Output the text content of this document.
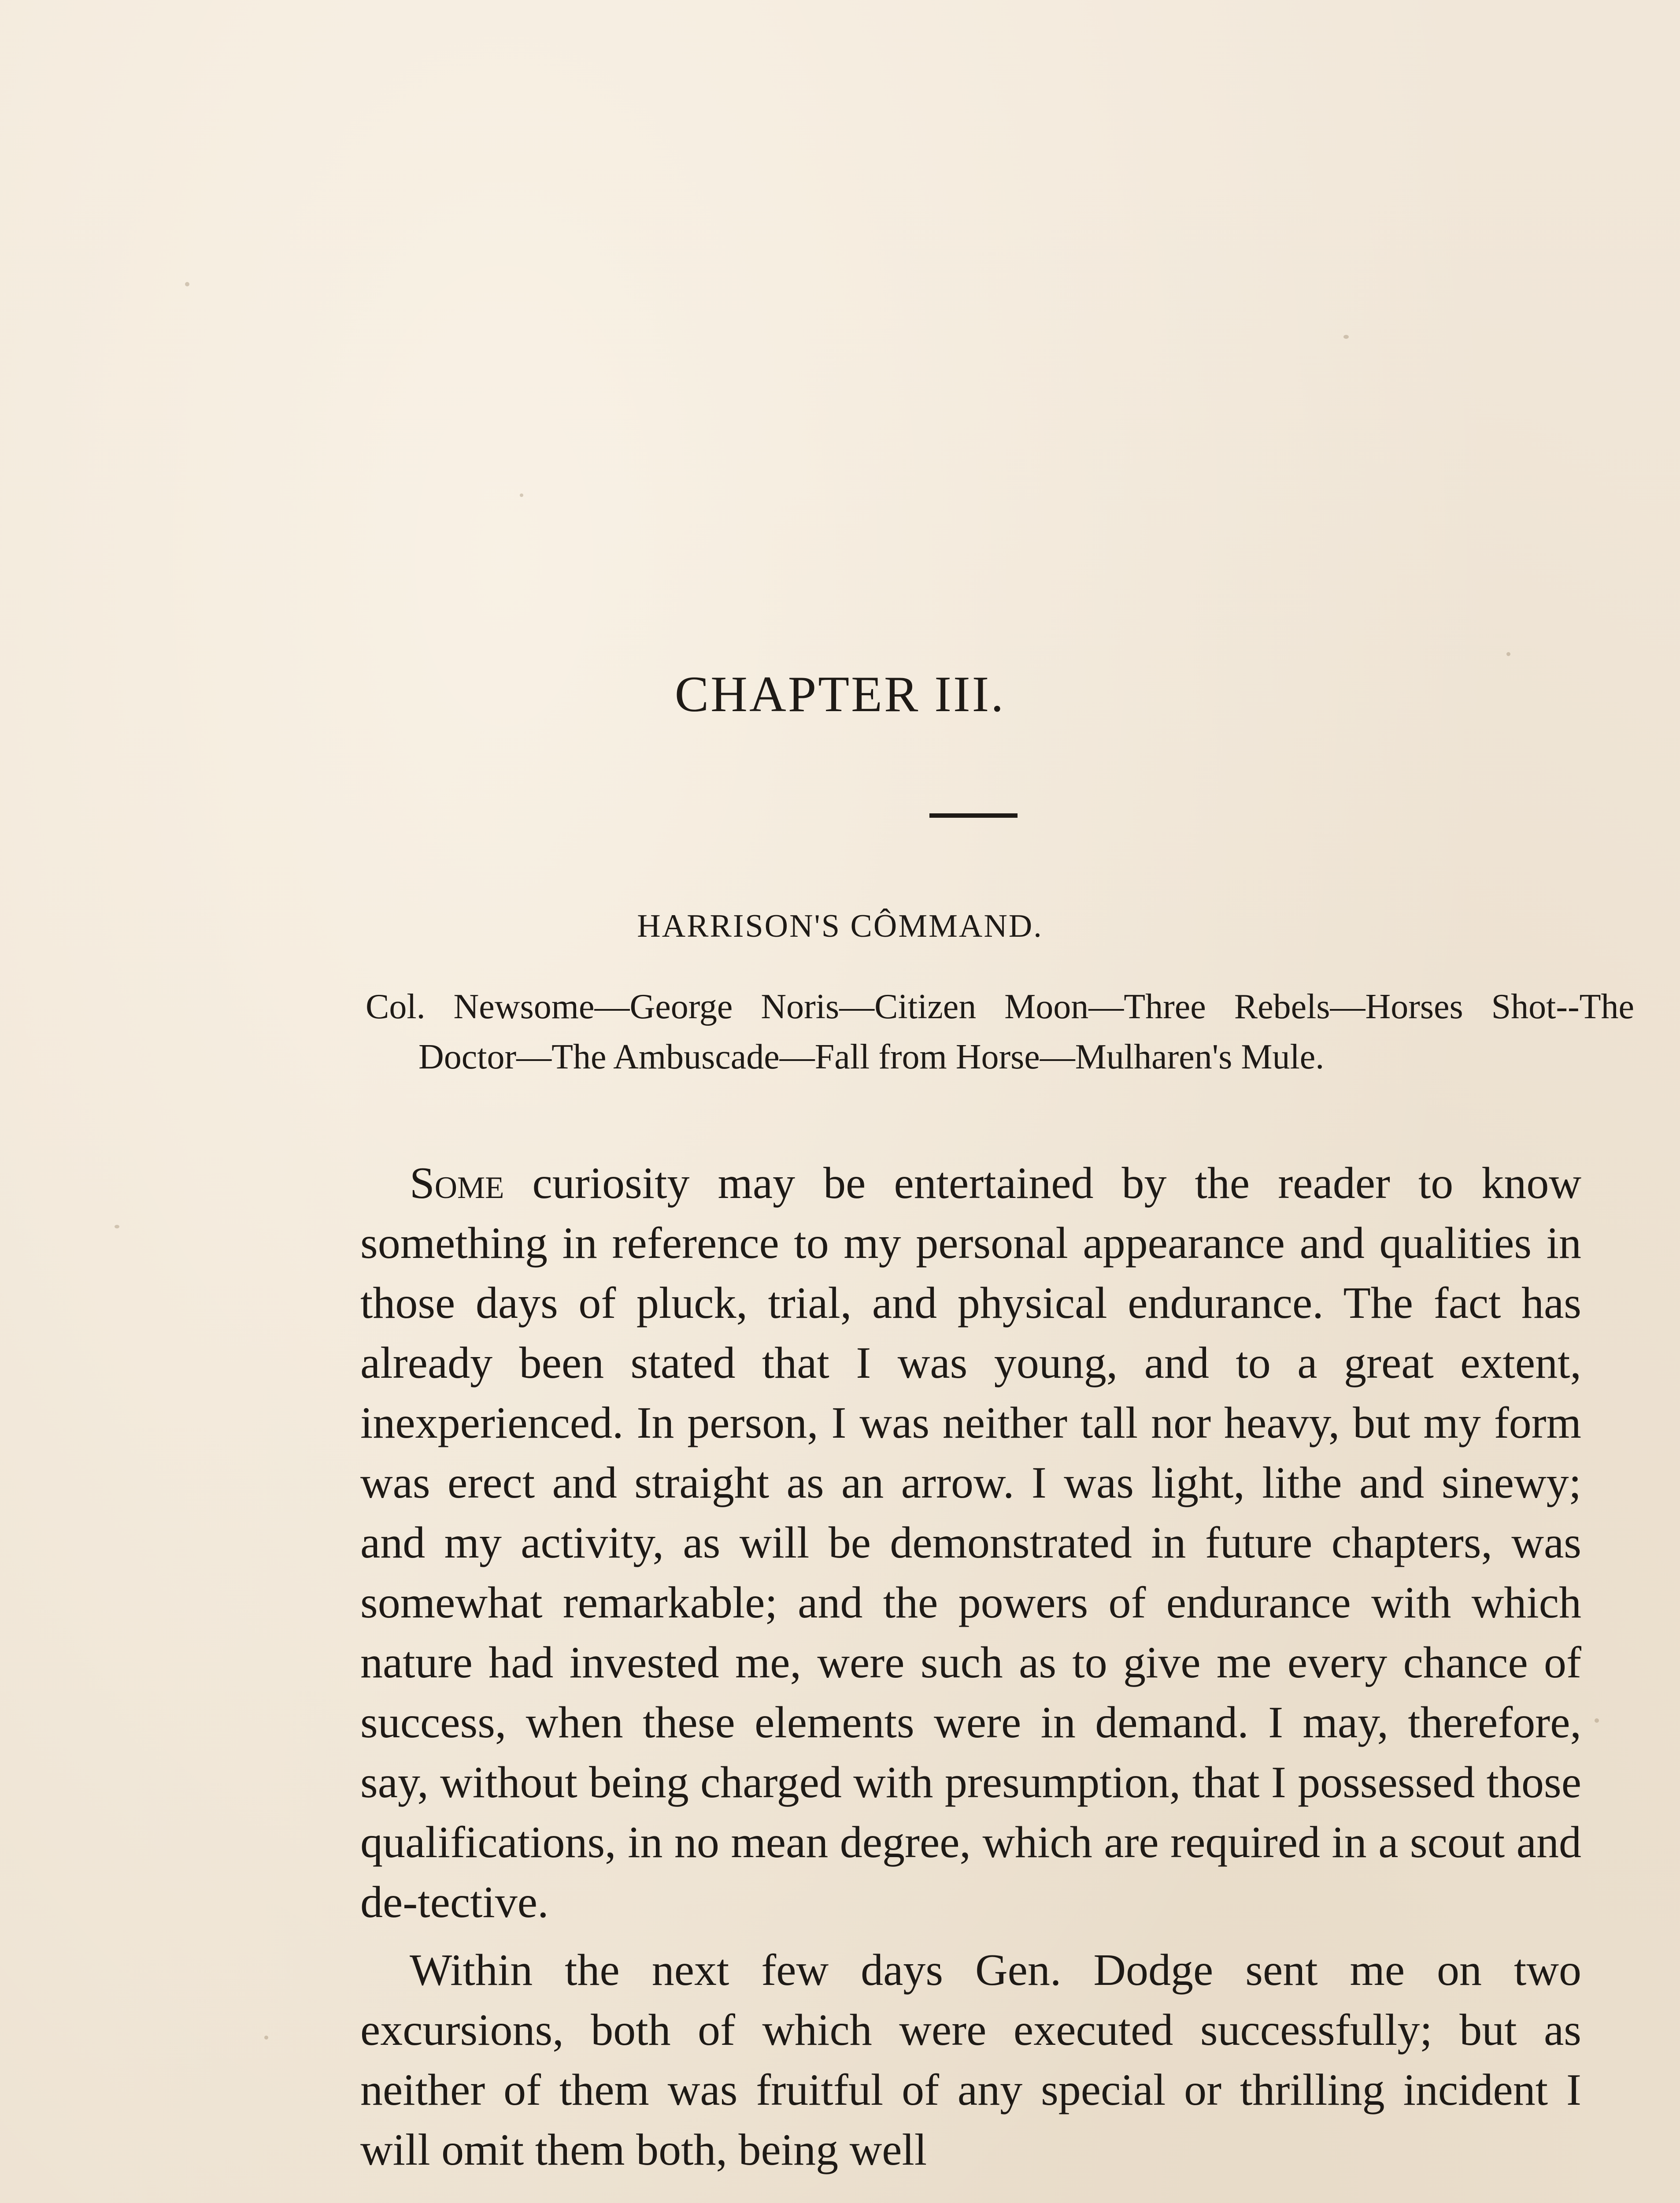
CHAPTER III.
HARRISON'S CÔMMAND.

Col. Newsome—George Noris—Citizen Moon—Three Rebels—Horses Shot--The Doctor—The Ambuscade—Fall from Horse—Mulharen's Mule.

Some curiosity may be entertained by the reader to know something in reference to my personal appearance and qualities in those days of pluck, trial, and physical endurance. The fact has already been stated that I was young, and to a great extent, inexperienced. In person, I was neither tall nor heavy, but my form was erect and straight as an arrow. I was light, lithe and sinewy; and my activity, as will be demonstrated in future chapters, was somewhat remarkable; and the powers of endurance with which nature had invested me, were such as to give me every chance of success, when these elements were in demand. I may, therefore, say, without being charged with presumption, that I possessed those qualifications, in no mean degree, which are required in a scout and de-tective.

Within the next few days Gen. Dodge sent me on two excursions, both of which were executed successfully; but as neither of them was fruitful of any special or thrilling incident I will omit them both, being well
